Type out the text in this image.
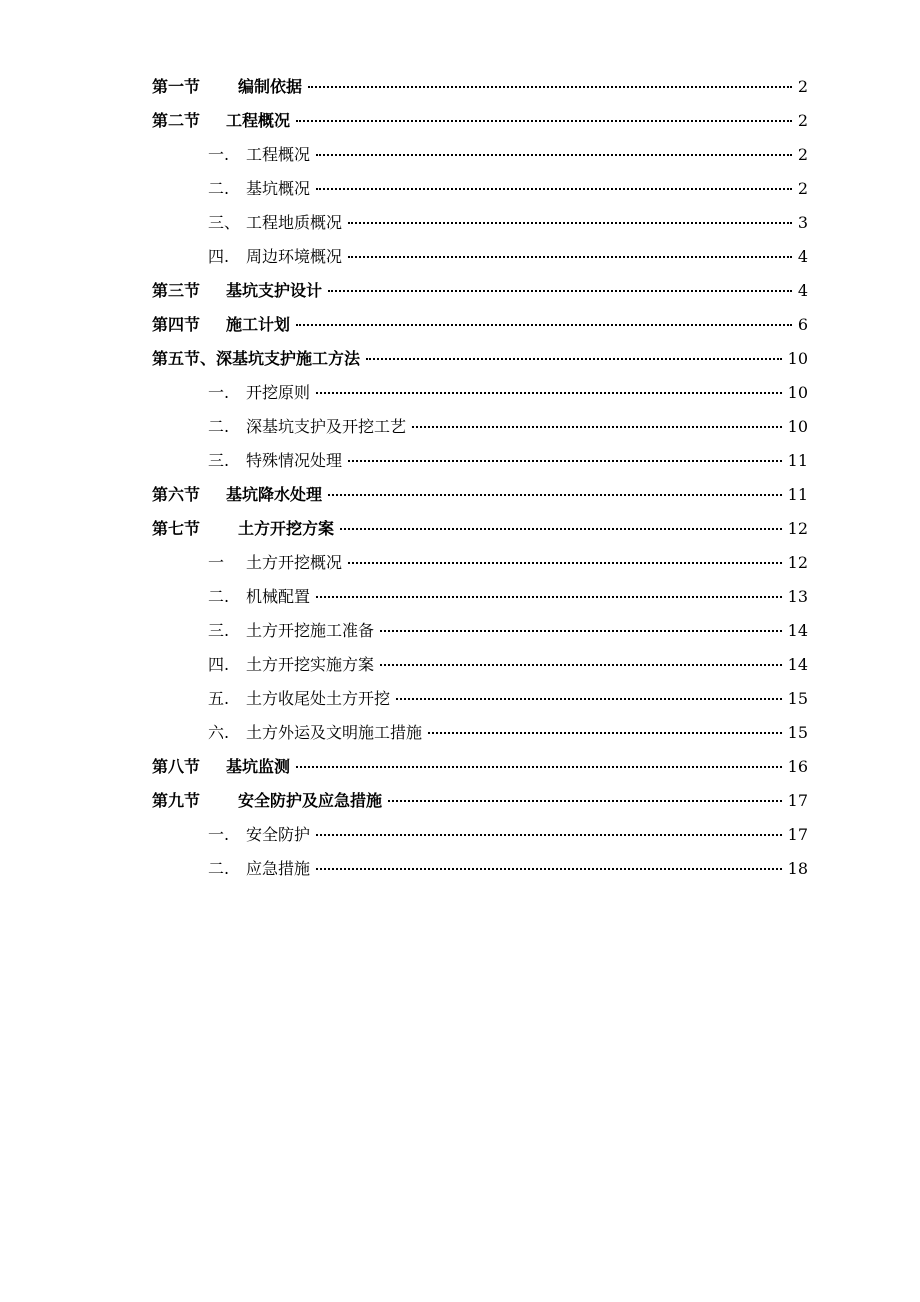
第一节	编制依据	2
第二节	工程概况	2
一.	工程概况	2
二.	基坑概况	2
三、 工程地质概况	3
四.	周边环境概况	4
第三节	基坑支护设计	4
第四节	施工计划	6
第五节、 深基坑支护施工方法	10
一.	开挖原则	10
二.	深基坑支护及开挖工艺	10
三.	特殊情况处理	11
第六节	基坑降水处理	11
第七节	土方开挖方案	12
一	土方开挖概况	12
二.	机械配置	13
三.	土方开挖施工准备	14
四.	土方开挖实施方案	14
五.	土方收尾处土方开挖	15
六.	土方外运及文明施工措施	15
第八节	基坑监测	16
第九节	安全防护及应急措施	17
一.	安全防护	17
二.	应急措施	18
